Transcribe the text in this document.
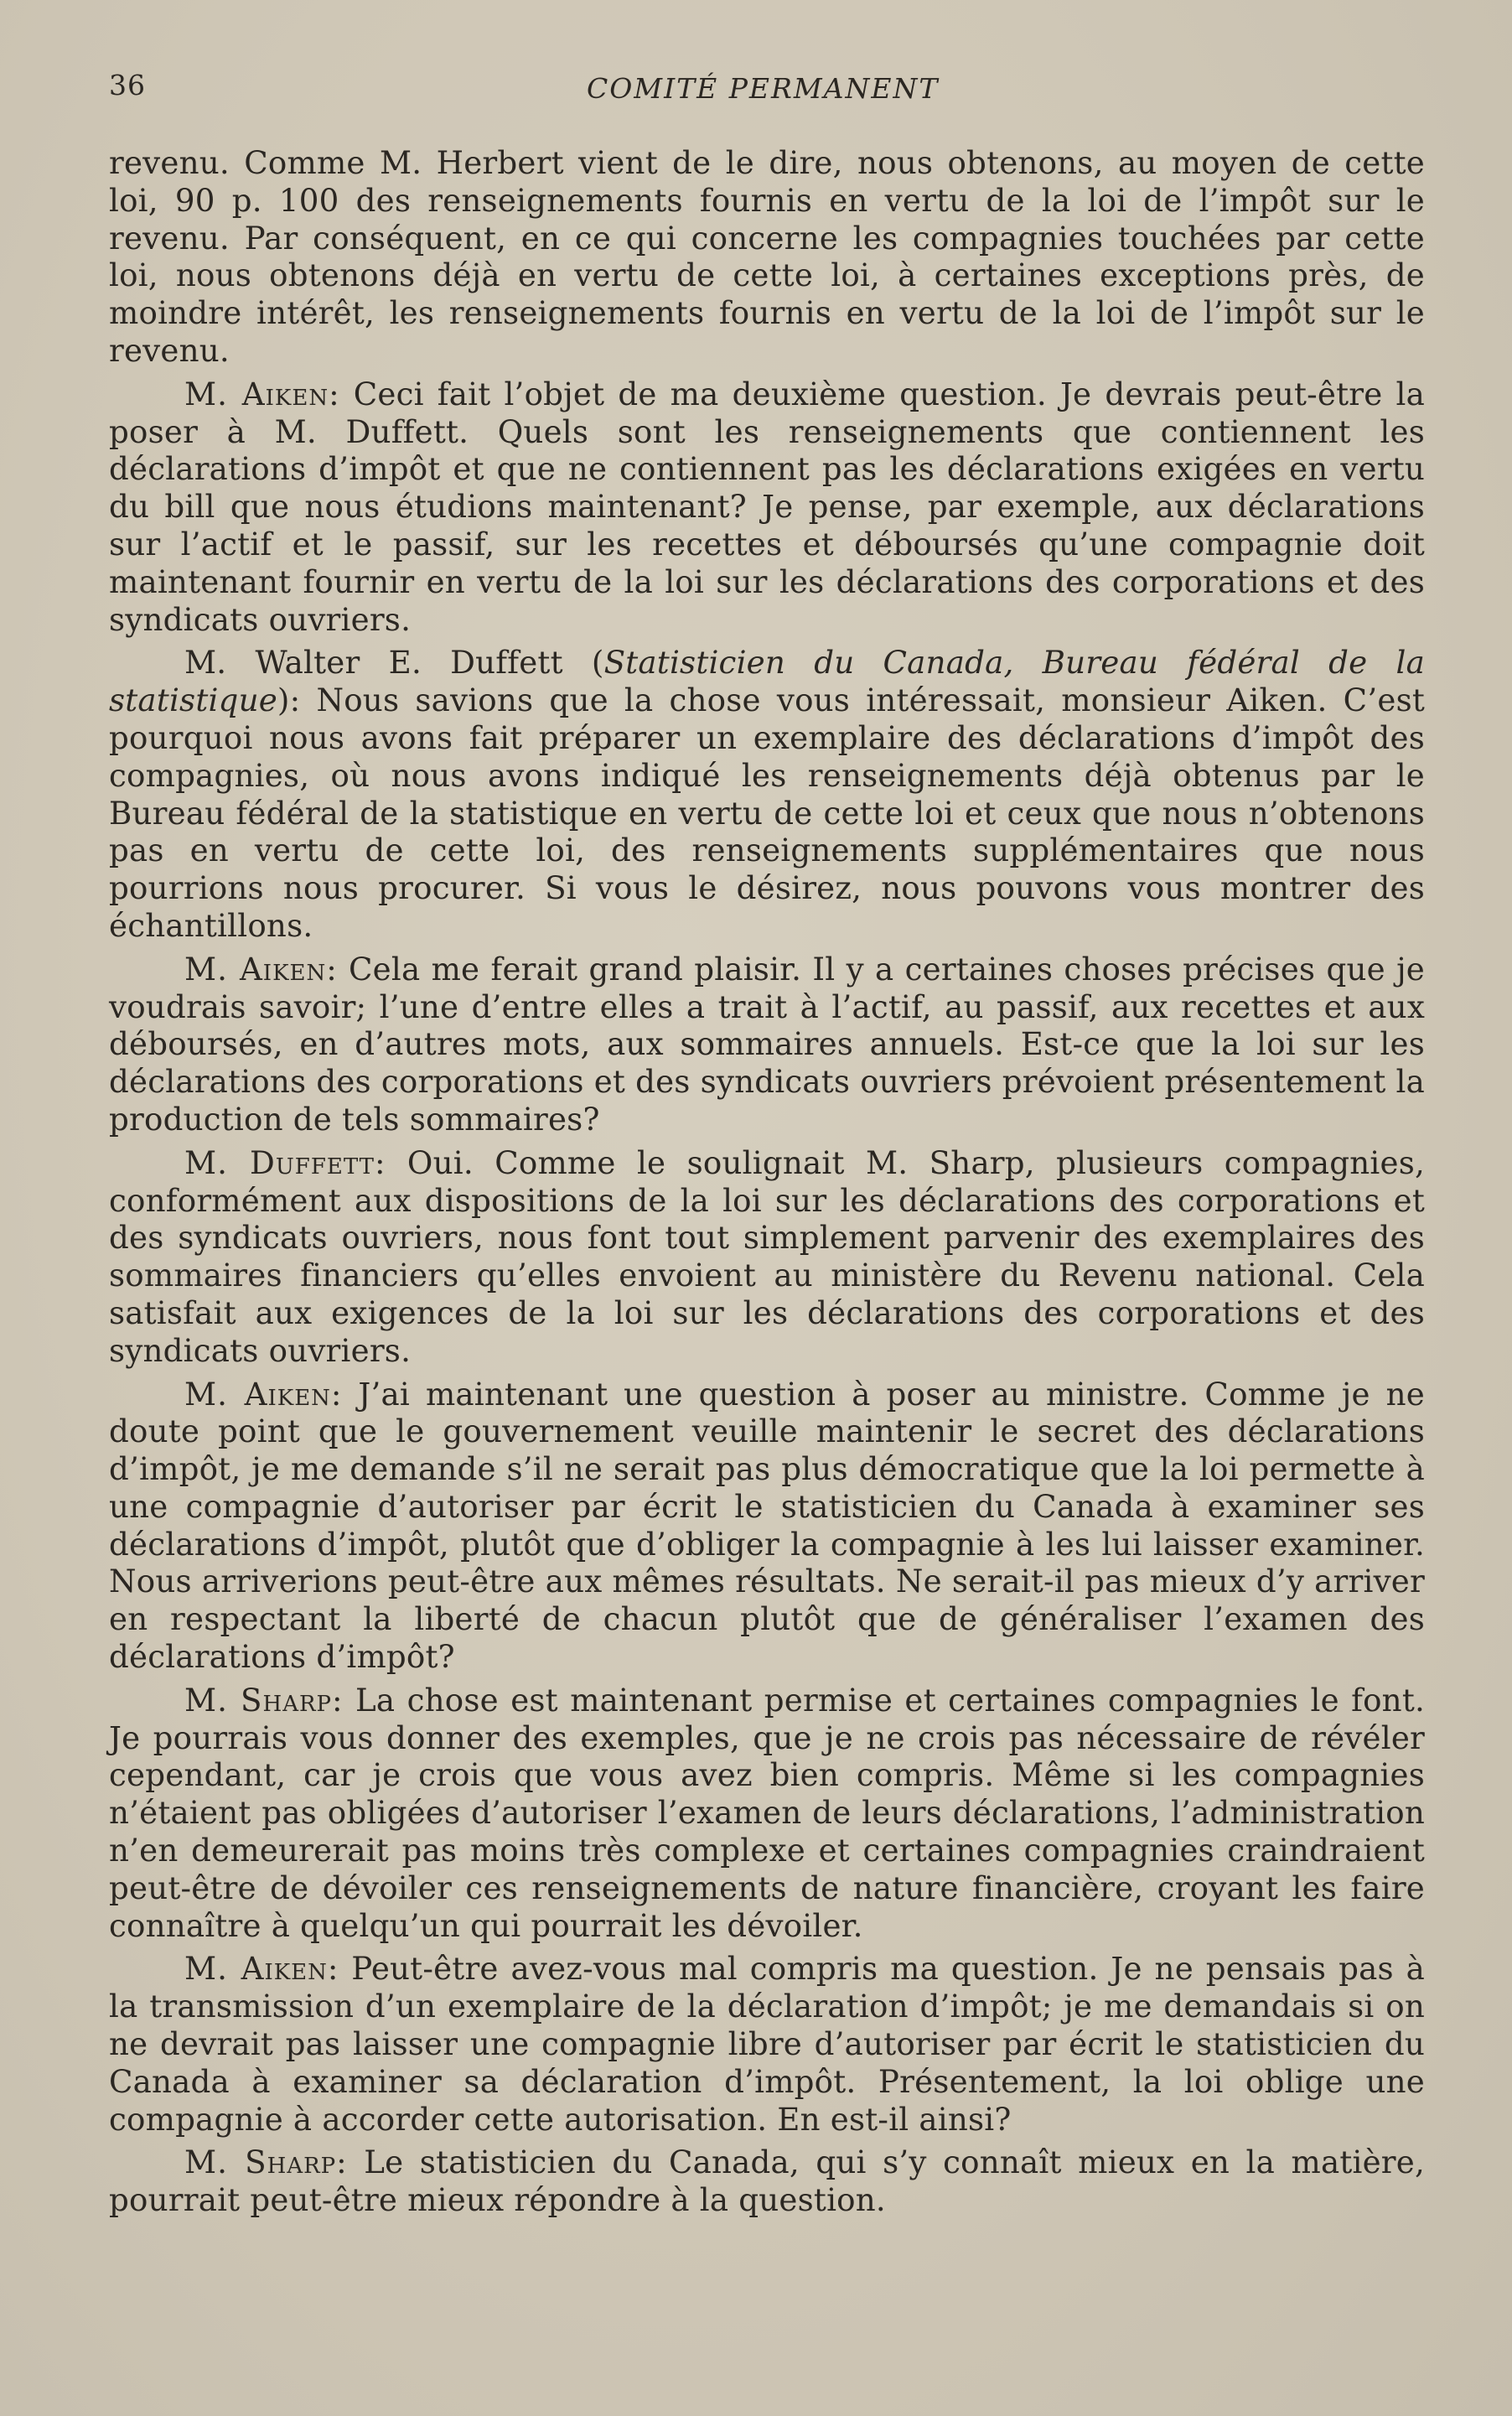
36	COMITÉ PERMANENT

revenu. Comme M. Herbert vient de le dire, nous obtenons, au moyen de cette loi, 90 p. 100 des renseignements fournis en vertu de la loi de l’impôt sur le revenu. Par conséquent, en ce qui concerne les compagnies touchées par cette loi, nous obtenons déjà en vertu de cette loi, à certaines exceptions près, de moindre intérêt, les renseignements fournis en vertu de la loi de l’impôt sur le revenu.

M. Aiken: Ceci fait l’objet de ma deuxième question. Je devrais peut-être la poser à M. Duffett. Quels sont les renseignements que contiennent les déclarations d’impôt et que ne contiennent pas les déclarations exigées en vertu du bill que nous étudions maintenant? Je pense, par exemple, aux déclarations sur l’actif et le passif, sur les recettes et déboursés qu’une compagnie doit maintenant fournir en vertu de la loi sur les déclarations des corporations et des syndicats ouvriers.

M. Walter E. Duffett (Statisticien du Canada, Bureau fédéral de la statistique): Nous savions que la chose vous intéressait, monsieur Aiken. C’est pourquoi nous avons fait préparer un exemplaire des déclarations d’impôt des compagnies, où nous avons indiqué les renseignements déjà obtenus par le Bureau fédéral de la statistique en vertu de cette loi et ceux que nous n’obtenons pas en vertu de cette loi, des renseignements supplémentaires que nous pourrions nous procurer. Si vous le désirez, nous pouvons vous montrer des échantillons.

M. Aiken: Cela me ferait grand plaisir. Il y a certaines choses précises que je voudrais savoir; l’une d’entre elles a trait à l’actif, au passif, aux recettes et aux déboursés, en d’autres mots, aux sommaires annuels. Est-ce que la loi sur les déclarations des corporations et des syndicats ouvriers prévoient présentement la production de tels sommaires?

M. Duffett: Oui. Comme le soulignait M. Sharp, plusieurs compagnies, conformément aux dispositions de la loi sur les déclarations des corporations et des syndicats ouvriers, nous font tout simplement parvenir des exemplaires des sommaires financiers qu’elles envoient au ministère du Revenu national. Cela satisfait aux exigences de la loi sur les déclarations des corporations et des syndicats ouvriers.

M. Aiken: J’ai maintenant une question à poser au ministre. Comme je ne doute point que le gouvernement veuille maintenir le secret des déclarations d’impôt, je me demande s’il ne serait pas plus démocratique que la loi permette à une compagnie d’autoriser par écrit le statisticien du Canada à examiner ses déclarations d’impôt, plutôt que d’obliger la compagnie à les lui laisser examiner. Nous arriverions peut-être aux mêmes résultats. Ne serait-il pas mieux d’y arriver en respectant la liberté de chacun plutôt que de généraliser l’examen des déclarations d’impôt?

M. Sharp: La chose est maintenant permise et certaines compagnies le font. Je pourrais vous donner des exemples, que je ne crois pas nécessaire de révéler cependant, car je crois que vous avez bien compris. Même si les compagnies n’étaient pas obligées d’autoriser l’examen de leurs déclarations, l’administration n’en demeurerait pas moins très complexe et certaines compagnies craindraient peut-être de dévoiler ces renseignements de nature financière, croyant les faire connaître à quelqu’un qui pourrait les dévoiler.

M. Aiken: Peut-être avez-vous mal compris ma question. Je ne pensais pas à la transmission d’un exemplaire de la déclaration d’impôt; je me demandais si on ne devrait pas laisser une compagnie libre d’autoriser par écrit le statisticien du Canada à examiner sa déclaration d’impôt. Présentement, la loi oblige une compagnie à accorder cette autorisation. En est-il ainsi?

M. Sharp: Le statisticien du Canada, qui s’y connaît mieux en la matière, pourrait peut-être mieux répondre à la question.
